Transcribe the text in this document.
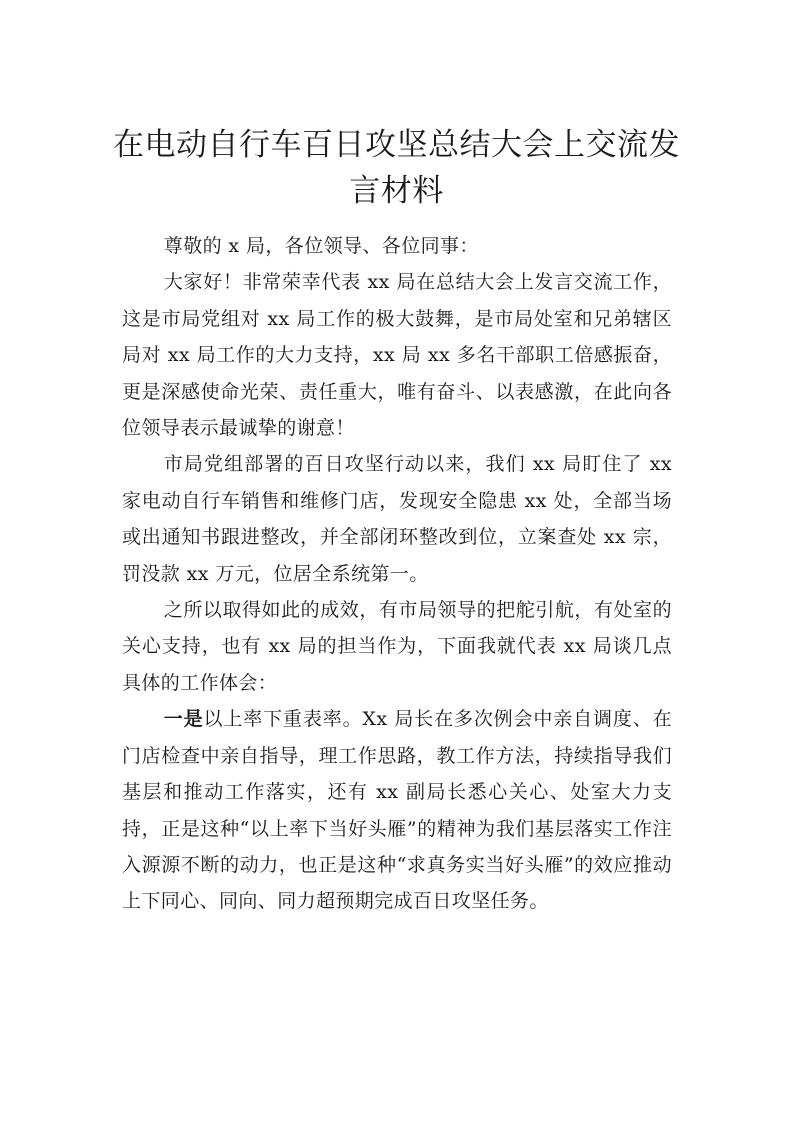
在电动自行车百日攻坚总结大会上交流发言材料

尊敬的 x 局，各位领导、各位同事：

大家好！非常荣幸代表 xx 局在总结大会上发言交流工作，这是市局党组对 xx 局工作的极大鼓舞，是市局处室和兄弟辖区局对 xx 局工作的大力支持，xx 局 xx 多名干部职工倍感振奋，更是深感使命光荣、责任重大，唯有奋斗、以表感激，在此向各位领导表示最诚挚的谢意！

市局党组部署的百日攻坚行动以来，我们 xx 局盯住了 xx 家电动自行车销售和维修门店，发现安全隐患 xx 处，全部当场或出通知书跟进整改，并全部闭环整改到位，立案查处 xx 宗，罚没款 xx 万元，位居全系统第一。

之所以取得如此的成效，有市局领导的把舵引航，有处室的关心支持，也有 xx 局的担当作为，下面我就代表 xx 局谈几点具体的工作体会：

一是以上率下重表率。Xx 局长在多次例会中亲自调度、在门店检查中亲自指导，理工作思路，教工作方法，持续指导我们基层和推动工作落实，还有 xx 副局长悉心关心、处室大力支持，正是这种“以上率下当好头雁”的精神为我们基层落实工作注入源源不断的动力，也正是这种“求真务实当好头雁”的效应推动上下同心、同向、同力超预期完成百日攻坚任务。
